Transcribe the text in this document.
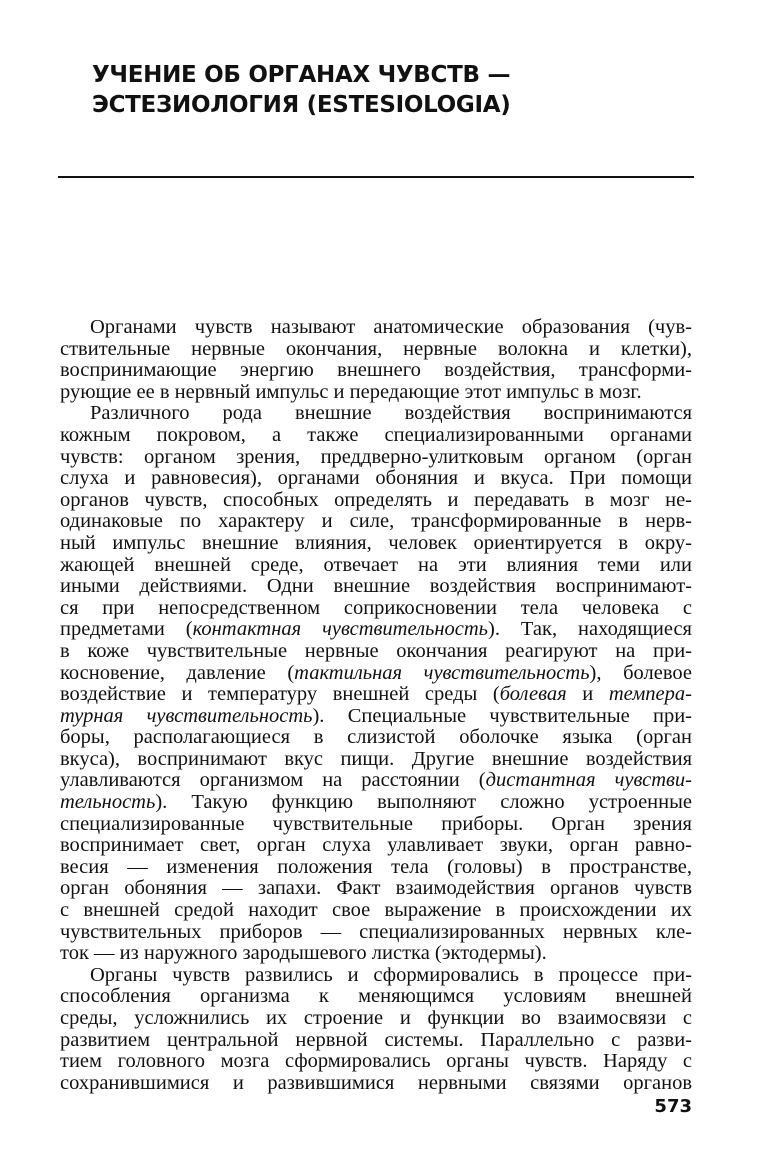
УЧЕНИЕ ОБ ОРГАНАХ ЧУВСТВ —
ЭСТЕЗИОЛОГИЯ (ESTESIOLOGIA)

Органами чувств называют анатомические образования (чув-
ствительные нервные окончания, нервные волокна и клетки),
воспринимающие энергию внешнего воздействия, трансформи-
рующие ее в нервный импульс и передающие этот импульс в мозг.

Различного рода внешние воздействия воспринимаются
кожным покровом, а также специализированными органами
чувств: органом зрения, преддверно-улитковым органом (орган
слуха и равновесия), органами обоняния и вкуса. При помощи
органов чувств, способных определять и передавать в мозг не-
одинаковые по характеру и силе, трансформированные в нерв-
ный импульс внешние влияния, человек ориентируется в окру-
жающей внешней среде, отвечает на эти влияния теми или
иными действиями. Одни внешние воздействия воспринимают-
ся при непосредственном соприкосновении тела человека с
предметами (контактная чувствительность). Так, находящиеся
в коже чувствительные нервные окончания реагируют на при-
косновение, давление (тактильная чувствительность), болевое
воздействие и температуру внешней среды (болевая и темпера-
турная чувствительность). Специальные чувствительные при-
боры, располагающиеся в слизистой оболочке языка (орган
вкуса), воспринимают вкус пищи. Другие внешние воздействия
улавливаются организмом на расстоянии (дистантная чувстви-
тельность). Такую функцию выполняют сложно устроенные
специализированные чувствительные приборы. Орган зрения
воспринимает свет, орган слуха улавливает звуки, орган равно-
весия — изменения положения тела (головы) в пространстве,
орган обоняния — запахи. Факт взаимодействия органов чувств
с внешней средой находит свое выражение в происхождении их
чувствительных приборов — специализированных нервных кле-
ток — из наружного зародышевого листка (эктодермы).

Органы чувств развились и сформировались в процессе при-
способления организма к меняющимся условиям внешней
среды, усложнились их строение и функции во взаимосвязи с
развитием центральной нервной системы. Параллельно с разви-
тием головного мозга сформировались органы чувств. Наряду с
сохранившимися и развившимися нервными связями органов

573
